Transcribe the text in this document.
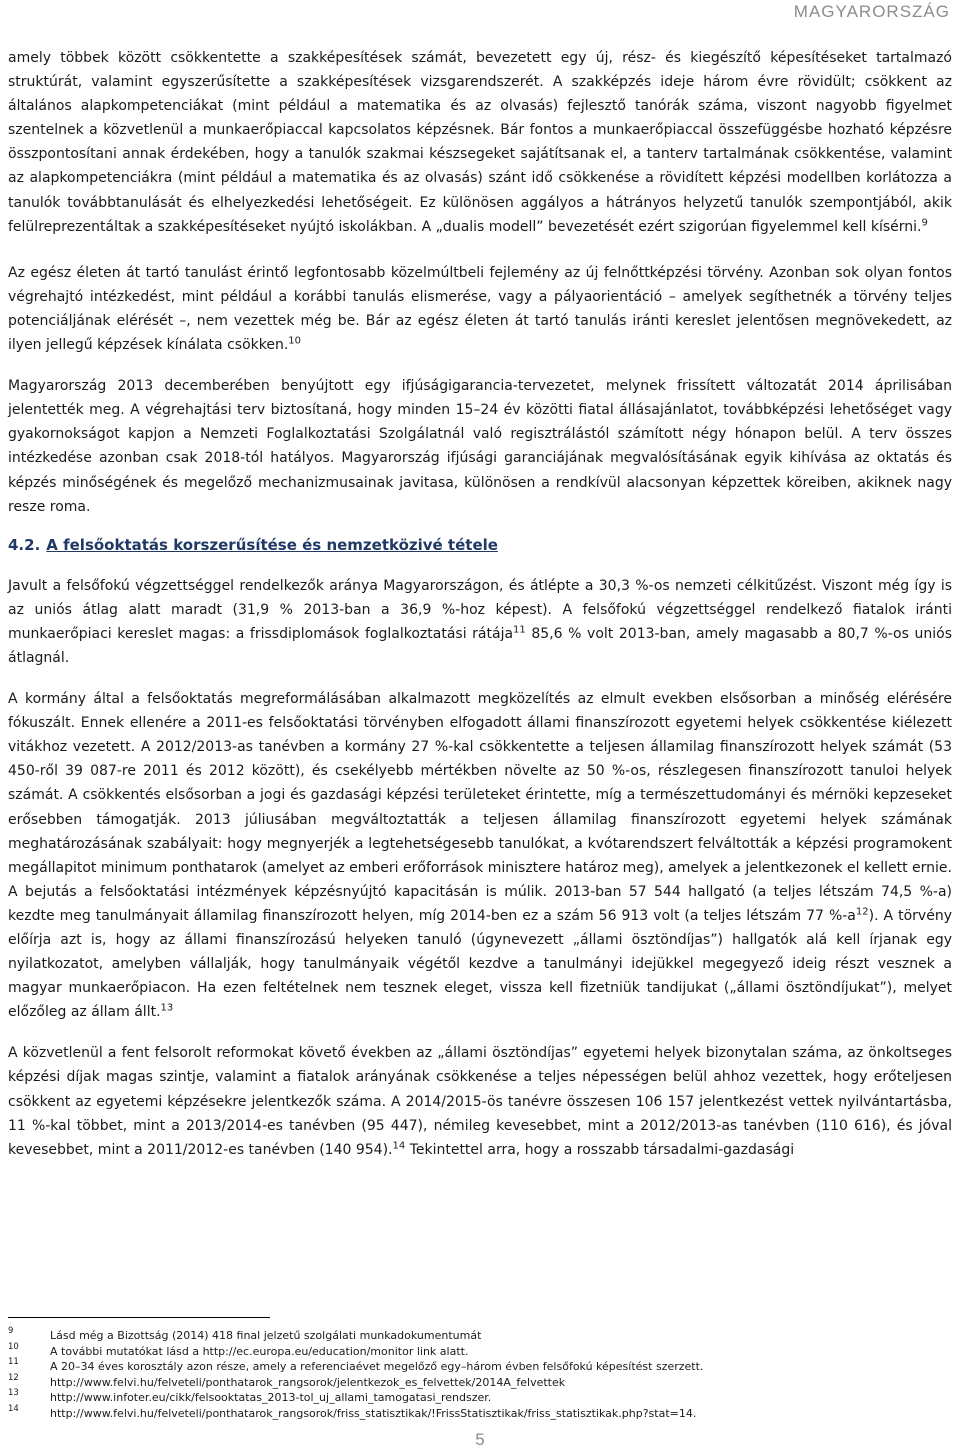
MAGYARORSZÁG

amely többek között csökkentette a szakképesítések számát, bevezetett egy új, rész- és kiegészítő képesítéseket tartalmazó struktúrát, valamint egyszerűsítette a szakképesítések vizsgarendszerét. A szakképzés ideje három évre rövidült; csökkent az általános alapkompetenciákat (mint például a matematika és az olvasás) fejlesztő tanórák száma, viszont nagyobb figyelmet szentelnek a közvetlenül a munkaerőpiaccal kapcsolatos képzésnek. Bár fontos a munkaerőpiaccal összefüggésbe hozható képzésre összpontosítani annak érdekében, hogy a tanulók szakmai készsegeket sajátítsanak el, a tanterv tartalmának csökkentése, valamint az alapkompetenciákra (mint például a matematika és az olvasás) szánt idő csökkenése a rövidített képzési modellben korlátozza a tanulók továbbtanulását és elhelyezkedési lehetőségeit. Ez különösen aggályos a hátrányos helyzetű tanulók szempontjából, akik felülreprezentáltak a szakképesítéseket nyújtó iskolákban. A „dualis modell” bevezetését ezért szigorúan figyelemmel kell kísérni.$^9$

Az egész életen át tartó tanulást érintő legfontosabb közelmúltbeli fejlemény az új felnőttképzési törvény. Azonban sok olyan fontos végrehajtó intézkedést, mint például a korábbi tanulás elismerése, vagy a pályaorientáció – amelyek segíthetnék a törvény teljes potenciáljának elérését –, nem vezettek még be. Bár az egész életen át tartó tanulás iránti kereslet jelentősen megnövekedett, az ilyen jellegű képzések kínálata csökken.$^{10}$

Magyarország 2013 decemberében benyújtott egy ifjúságigarancia-tervezetet, melynek frissített változatát 2014 áprilisában jelentették meg. A végrehajtási terv biztosítaná, hogy minden 15–24 év közötti fiatal állásajánlatot, továbbképzési lehetőséget vagy gyakornokságot kapjon a Nemzeti Foglalkoztatási Szolgálatnál való regisztrálástól számított négy hónapon belül. A terv összes intézkedése azonban csak 2018-tól hatályos. Magyarország ifjúsági garanciájának megvalósításának egyik kihívása az oktatás és képzés minőségének és megelőző mechanizmusainak javitasa, különösen a rendkívül alacsonyan képzettek köreiben, akiknek nagy resze roma.

4.2. A felsőoktatás korszerűsítése és nemzetközivé tétele

Javult a felsőfokú végzettséggel rendelkezők aránya Magyarországon, és átlépte a 30,3 %-os nemzeti célkitűzést. Viszont még így is az uniós átlag alatt maradt (31,9 % 2013-ban a 36,9 %-hoz képest). A felsőfokú végzettséggel rendelkező fiatalok iránti munkaerőpiaci kereslet magas: a frissdiplomások foglalkoztatási rátája$^{11}$ 85,6 % volt 2013-ban, amely magasabb a 80,7 %-os uniós átlagnál.

A kormány által a felsőoktatás megreformálásában alkalmazott megközelítés az elmult evekben elsősorban a minőség elérésére fókuszált. Ennek ellenére a 2011-es felsőoktatási törvényben elfogadott állami finanszírozott egyetemi helyek csökkentése kiélezett vitákhoz vezetett. A 2012/2013-as tanévben a kormány 27 %-kal csökkentette a teljesen államilag finanszírozott helyek számát (53 450-ről 39 087-re 2011 és 2012 között), és csekélyebb mértékben növelte az 50 %-os, részlegesen finanszírozott tanuloi helyek számát. A csökkentés elsősorban a jogi és gazdasági képzési területeket érintette, míg a természettudományi és mérnöki kepzeseket erősebben támogatják. 2013 júliusában megváltoztatták a teljesen államilag finanszírozott egyetemi helyek számának meghatározásának szabályait: hogy megnyerjék a legtehetségesebb tanulókat, a kvótarendszert felváltották a képzési programokent megállapitot minimum ponthatarok (amelyet az emberi erőforrások minisztere határoz meg), amelyek a jelentkezonek el kellett ernie. A bejutás a felsőoktatási intézmények képzésnyújtó kapacitásán is múlik. 2013-ban 57 544 hallgató (a teljes létszám 74,5 %-a) kezdte meg tanulmányait államilag finanszírozott helyen, míg 2014-ben ez a szám 56 913 volt (a teljes létszám 77 $\%-a^{12}$). A törvény előírja azt is, hogy az állami finanszírozású helyeken tanuló (úgynevezett „állami ösztöndíjas”) hallgatók alá kell írjanak egy nyilatkozatot, amelyben vállalják, hogy tanulmányaik végétől kezdve a tanulmányi idejükkel megegyező ideig részt vesznek a magyar munkaerőpiacon. Ha ezen feltételnek nem tesznek eleget, vissza kell fizetniük tandijukat („állami ösztöndíjukat”), melyet előzőleg az állam állt.$^{13}$

A közvetlenül a fent felsorolt reformokat követő években az „állami ösztöndíjas” egyetemi helyek bizonytalan száma, az önkoltseges képzési díjak magas szintje, valamint a fiatalok arányának csökkenése a teljes népességen belül ahhoz vezettek, hogy erőteljesen csökkent az egyetemi képzésekre jelentkezők száma. A 2014/2015-ös tanévre összesen 106 157 jelentkezést vettek nyilvántartásba, 11 %-kal többet, mint a 2013/2014-es tanévben (95 447), némileg kevesebbet, mint a 2012/2013-as tanévben (110 616), és jóval kevesebbet, mint a 2011/2012-es tanévben (140 954).$^{14}$ Tekintettel arra, hogy a rosszabb társadalmi-gazdasági

9	Lásd még a Bizottság (2014) 418 final jelzetű szolgálati munkadokumentumát
10	A további mutatókat lásd a http://ec.europa.eu/education/monitor link alatt.
11	A 20–34 éves korosztály azon része, amely a referenciaévet megelőző egy–három évben felsőfokú képesítést szerzett.
12	http://www.felvi.hu/felveteli/ponthatarok_rangsorok/jelentkezok_es_felvettek/2014A_felvettek
13	http://www.infoter.eu/cikk/felsooktatas_2013-tol_uj_allami_tamogatasi_rendszer.
14	http://www.felvi.hu/felveteli/ponthatarok_rangsorok/friss_statisztikak/!FrissStatisztikak/friss_statisztikak.php?stat=14.
5
